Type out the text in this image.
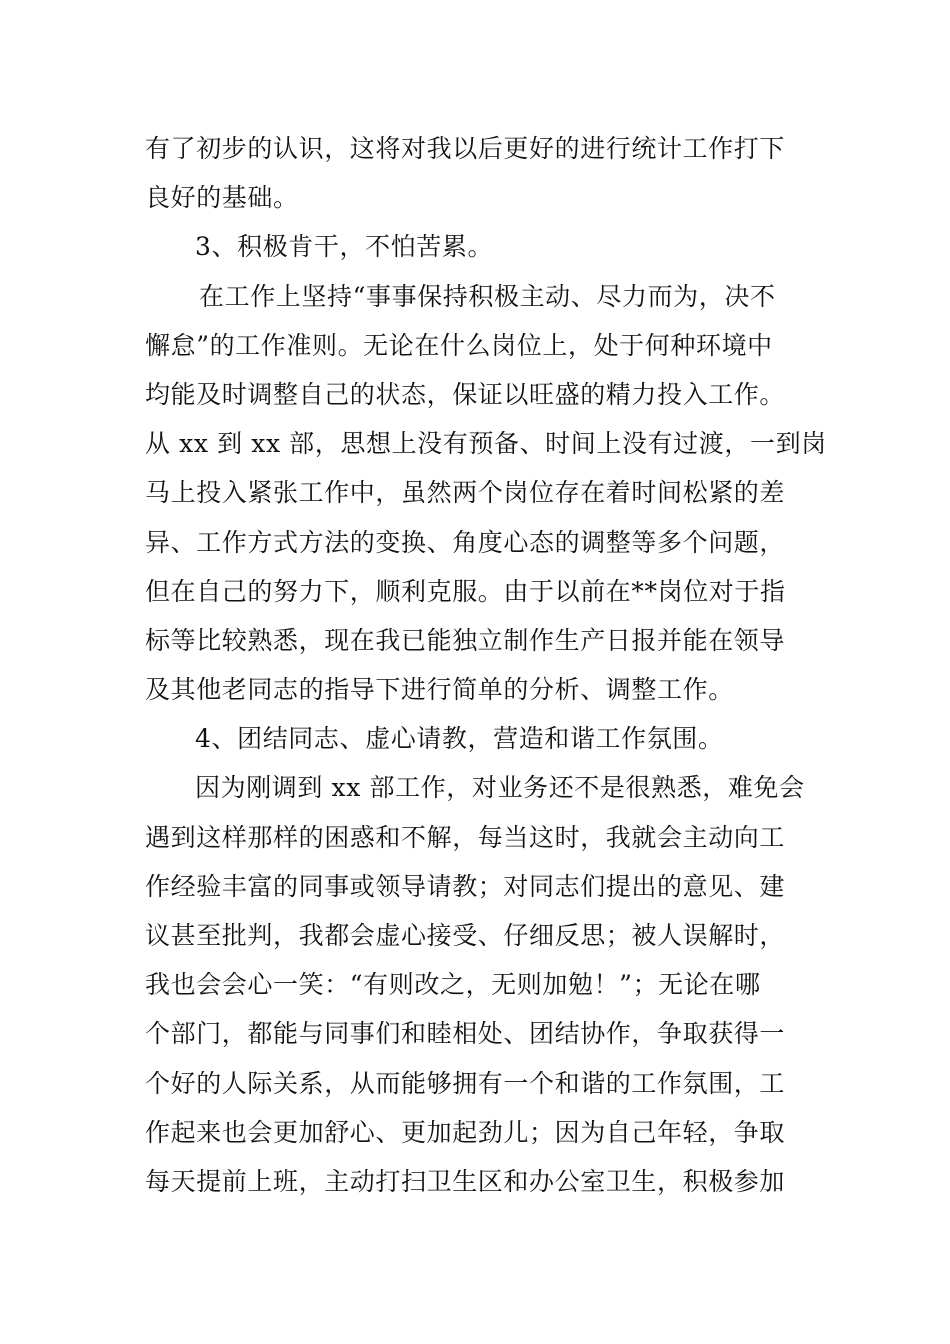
有了初步的认识，这将对我以后更好的进行统计工作打下
良好的基础。
3、积极肯干，不怕苦累。
在工作上坚持“事事保持积极主动、尽力而为，决不
懈怠”的工作准则。无论在什么岗位上，处于何种环境中
均能及时调整自己的状态，保证以旺盛的精力投入工作。
从 xx 到 xx 部，思想上没有预备、时间上没有过渡，一到岗
马上投入紧张工作中，虽然两个岗位存在着时间松紧的差
异、工作方式方法的变换、角度心态的调整等多个问题，
但在自己的努力下，顺利克服。由于以前在**岗位对于指
标等比较熟悉，现在我已能独立制作生产日报并能在领导
及其他老同志的指导下进行简单的分析、调整工作。
4、团结同志、虚心请教，营造和谐工作氛围。
因为刚调到 xx 部工作，对业务还不是很熟悉，难免会
遇到这样那样的困惑和不解，每当这时，我就会主动向工
作经验丰富的同事或领导请教；对同志们提出的意见、建
议甚至批判，我都会虚心接受、仔细反思；被人误解时，
我也会会心一笑：“有则改之，无则加勉！”；无论在哪
个部门，都能与同事们和睦相处、团结协作，争取获得一
个好的人际关系，从而能够拥有一个和谐的工作氛围，工
作起来也会更加舒心、更加起劲儿；因为自己年轻，争取
每天提前上班，主动打扫卫生区和办公室卫生，积极参加
